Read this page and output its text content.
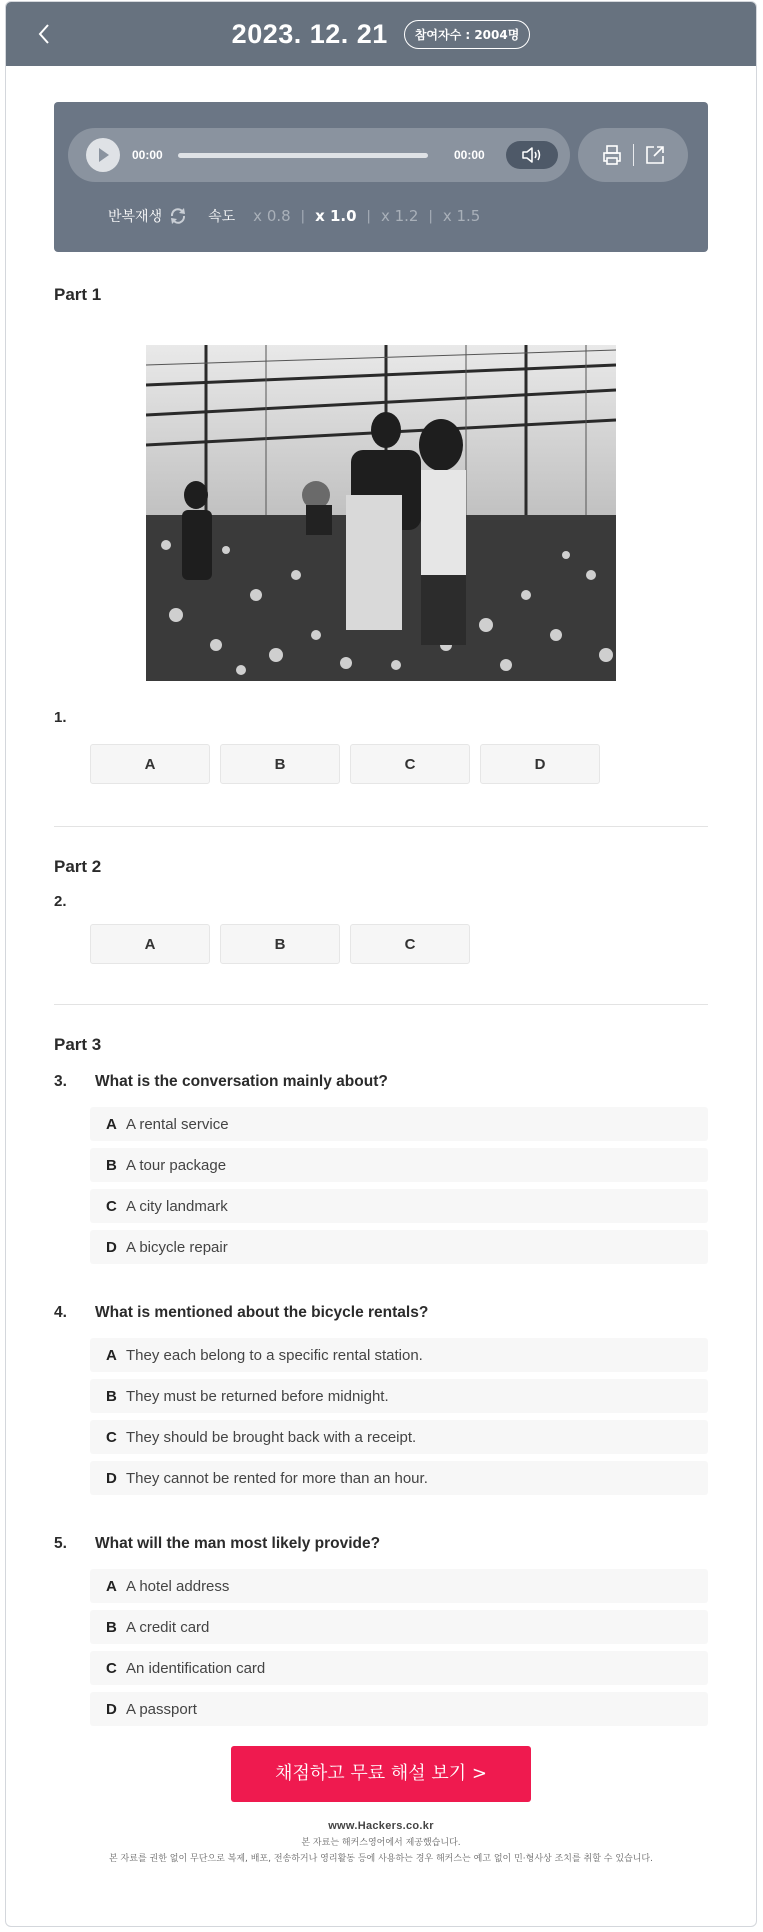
2023. 12. 21	참여자수 : 2004명
00:00	00:00
반복재생	속도 x 0.8 | x 1.0 | x 1.2 | x 1.5
Part 1
1.
A	B	C	D
Part 2
2.
A	B	C
Part 3
3.	What is the conversation mainly about?
A A rental service
B A tour package
C A city landmark
D A bicycle repair
4.	What is mentioned about the bicycle rentals?
A They each belong to a specific rental station.
B They must be returned before midnight.
C They should be brought back with a receipt.
D They cannot be rented for more than an hour.
5.	What will the man most likely provide?
A A hotel address
B A credit card
C An identification card
D A passport
채점하고 무료 해설 보기 >
www.Hackers.co.kr
본 자료는 해커스영어에서 제공했습니다.
본 자료를 권한 없이 무단으로 복제, 배포, 전송하거나 영리활동 등에 사용하는 경우 해커스는 예고 없이 민·형사상 조치를 취할 수 있습니다.
